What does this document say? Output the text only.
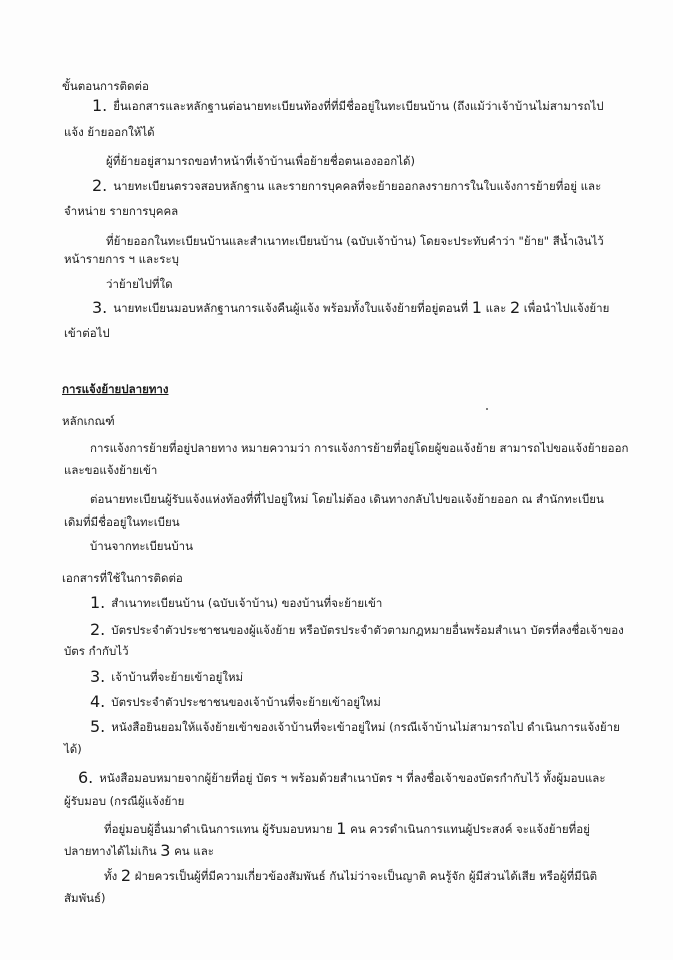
ขั้นตอนการติดต่อ
1. ยื่นเอกสารและหลักฐานต่อนายทะเบียนท้องที่ที่มีชื่ออยู่ในทะเบียนบ้าน (ถึงแม้ว่าเจ้าบ้านไม่สามารถไป
แจ้ง ย้ายออกให้ได้
ผู้ที่ย้ายอยู่สามารถขอทำหน้าที่เจ้าบ้านเพื่อย้ายชื่อตนเองออกได้)
2. นายทะเบียนตรวจสอบหลักฐาน และรายการบุคคลที่จะย้ายออกลงรายการในใบแจ้งการย้ายที่อยู่ และ
จำหน่าย รายการบุคคล
ที่ย้ายออกในทะเบียนบ้านและสำเนาทะเบียนบ้าน (ฉบับเจ้าบ้าน) โดยจะประทับคำว่า "ย้าย" สีน้ำเงินไว้
หน้ารายการ ฯ และระบุ
ว่าย้ายไปที่ใด
3. นายทะเบียนมอบหลักฐานการแจ้งคืนผู้แจ้ง พร้อมทั้งใบแจ้งย้ายที่อยู่ตอนที่ 1 และ 2 เพื่อนำไปแจ้งย้าย
เข้าต่อไป
การแจ้งย้ายปลายทาง
หลักเกณฑ์
การแจ้งการย้ายที่อยู่ปลายทาง หมายความว่า การแจ้งการย้ายที่อยู่โดยผู้ขอแจ้งย้าย สามารถไปขอแจ้งย้ายออก
และขอแจ้งย้ายเข้า
ต่อนายทะเบียนผู้รับแจ้งแห่งท้องที่ที่ไปอยู่ใหม่ โดยไม่ต้อง เดินทางกลับไปขอแจ้งย้ายออก ณ สำนักทะเบียน
เดิมที่มีชื่ออยู่ในทะเบียน
บ้านจากทะเบียนบ้าน
เอกสารที่ใช้ในการติดต่อ
1. สำเนาทะเบียนบ้าน (ฉบับเจ้าบ้าน) ของบ้านที่จะย้ายเข้า
2. บัตรประจำตัวประชาชนของผู้แจ้งย้าย หรือบัตรประจำตัวตามกฎหมายอื่นพร้อมสำเนา บัตรที่ลงชื่อเจ้าของ
บัตร กำกับไว้
3. เจ้าบ้านที่จะย้ายเข้าอยู่ใหม่
4. บัตรประจำตัวประชาชนของเจ้าบ้านที่จะย้ายเข้าอยู่ใหม่
5. หนังสือยินยอมให้แจ้งย้ายเข้าของเจ้าบ้านที่จะเข้าอยู่ใหม่ (กรณีเจ้าบ้านไม่สามารถไป ดำเนินการแจ้งย้าย
ได้)
6. หนังสือมอบหมายจากผู้ย้ายที่อยู่ บัตร ฯ พร้อมด้วยสำเนาบัตร ฯ ที่ลงชื่อเจ้าของบัตรกำกับไว้ ทั้งผู้มอบและ
ผู้รับมอบ (กรณีผู้แจ้งย้าย
ที่อยู่มอบผู้อื่นมาดำเนินการแทน ผู้รับมอบหมาย 1 คน ควรดำเนินการแทนผู้ประสงค์ จะแจ้งย้ายที่อยู่
ปลายทางได้ไม่เกิน 3 คน และ
ทั้ง 2 ฝ่ายควรเป็นผู้ที่มีความเกี่ยวข้องสัมพันธ์ กันไม่ว่าจะเป็นญาติ คนรู้จัก ผู้มีส่วนได้เสีย หรือผู้ที่มีนิติ
สัมพันธ์)
